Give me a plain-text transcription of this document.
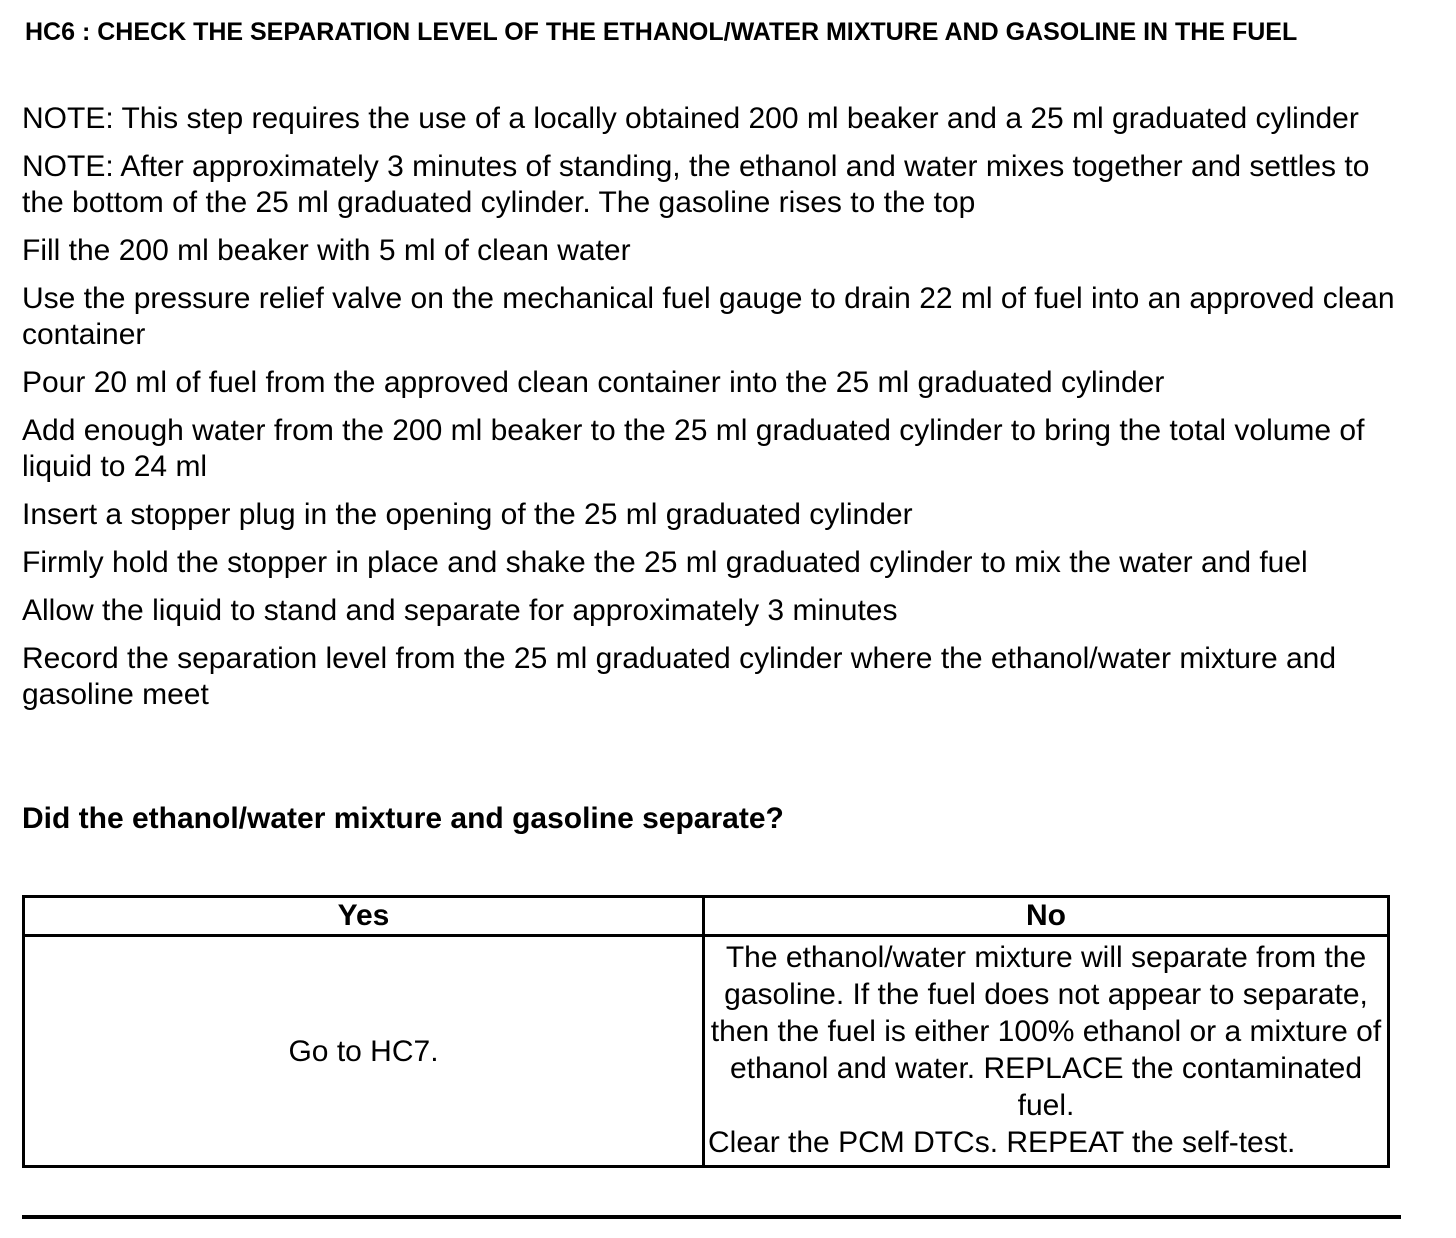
HC6 : CHECK THE SEPARATION LEVEL OF THE ETHANOL/WATER MIXTURE AND GASOLINE IN THE FUEL

NOTE: This step requires the use of a locally obtained 200 ml beaker and a 25 ml graduated cylinder
NOTE: After approximately 3 minutes of standing, the ethanol and water mixes together and settles to the bottom of the 25 ml graduated cylinder. The gasoline rises to the top
Fill the 200 ml beaker with 5 ml of clean water
Use the pressure relief valve on the mechanical fuel gauge to drain 22 ml of fuel into an approved clean container
Pour 20 ml of fuel from the approved clean container into the 25 ml graduated cylinder
Add enough water from the 200 ml beaker to the 25 ml graduated cylinder to bring the total volume of liquid to 24 ml
Insert a stopper plug in the opening of the 25 ml graduated cylinder
Firmly hold the stopper in place and shake the 25 ml graduated cylinder to mix the water and fuel
Allow the liquid to stand and separate for approximately 3 minutes
Record the separation level from the 25 ml graduated cylinder where the ethanol/water mixture and gasoline meet

Did the ethanol/water mixture and gasoline separate?

Yes	No
Go to HC7.	The ethanol/water mixture will separate from the gasoline. If the fuel does not appear to separate, then the fuel is either 100% ethanol or a mixture of ethanol and water. REPLACE the contaminated fuel.
Clear the PCM DTCs. REPEAT the self-test.
